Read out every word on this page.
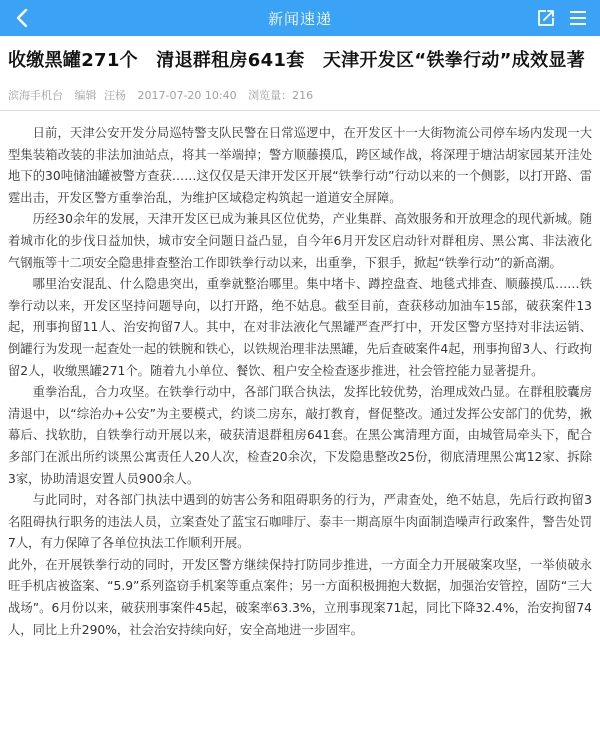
新闻速递
收缴黑罐271个　清退群租房641套　天津开发区“铁拳行动”成效显著
滨海手机台 编辑 汪杨 2017-07-20 10:40 浏览量：216

日前，天津公安开发分局巡特警支队民警在日常巡逻中，在开发区十一大街物流公司停车场内发现一大型集装箱改装的非法加油站点，将其一举端掉；警方顺藤摸瓜，跨区域作战，将深理于塘沽胡家园某开洼处地下的30吨储油罐被警方查获……这仅仅是天津开发区开展“铁拳行动”行动以来的一个侧影，以打开路、雷霆出击，开发区警方重拳治乱，为维护区域稳定构筑起一道道安全屏障。

历经30余年的发展，天津开发区已成为兼具区位优势，产业集群、高效服务和开放理念的现代新城。随着城市化的步伐日益加快，城市安全问题日益凸显，自今年6月开发区启动针对群租房、黑公寓、非法液化气钢瓶等十二项安全隐患排查整治工作即铁拳行动以来，出重拳，下狠手，掀起“铁拳行动”的新高潮。

哪里治安混乱、什么隐患突出，重拳就整治哪里。集中堵卡、蹲控盘查、地毯式排查、顺藤摸瓜……铁拳行动以来，开发区坚持问题导向，以打开路，绝不姑息。截至目前，查获移动加油车15部，破获案件13起，刑事拘留11人、治安拘留7人。其中，在对非法液化气黑罐严查严打中，开发区警方坚持对非法运销、倒罐行为发现一起查处一起的铁腕和铁心，以铁规治理非法黑罐，先后查破案件4起，刑事拘留3人、行政拘留2人，收缴黑罐271个。随着九小单位、餐饮、租户安全检查逐步推进，社会管控能力显著提升。

重拳治乱，合力攻坚。在铁拳行动中，各部门联合执法，发挥比较优势，治理成效凸显。在群租胶囊房清退中，以“综治办+公安”为主要模式，约谈二房东，敲打教育，督促整改。通过发挥公安部门的优势，揪幕后、找软肋，自铁拳行动开展以来，破获清退群租房641套。在黑公寓清理方面，由城管局牵头下，配合多部门在派出所约谈黑公寓责任人20人次，检查20余次，下发隐患整改25份，彻底清理黑公寓12家、拆除3家，协助清退安置人员900余人。

与此同时，对各部门执法中遇到的妨害公务和阻碍职务的行为，严肃查处，绝不姑息，先后行政拘留3名阻碍执行职务的违法人员，立案查处了蓝宝石咖啡厅、泰丰一期高原牛肉面制造噪声行政案件，警告处罚7人，有力保障了各单位执法工作顺利开展。

此外，在开展铁拳行动的同时，开发区警方继续保持打防同步推进，一方面全力开展破案攻坚，一举侦破永旺手机店被盗案、“5.9”系列盗窃手机案等重点案件；另一方面积极拥抱大数据，加强治安管控，固防“三大战场”。6月份以来，破获刑事案件45起，破案率63.3%，立刑事现案71起，同比下降32.4%，治安拘留74人，同比上升290%，社会治安持续向好，安全高地进一步固牢。
